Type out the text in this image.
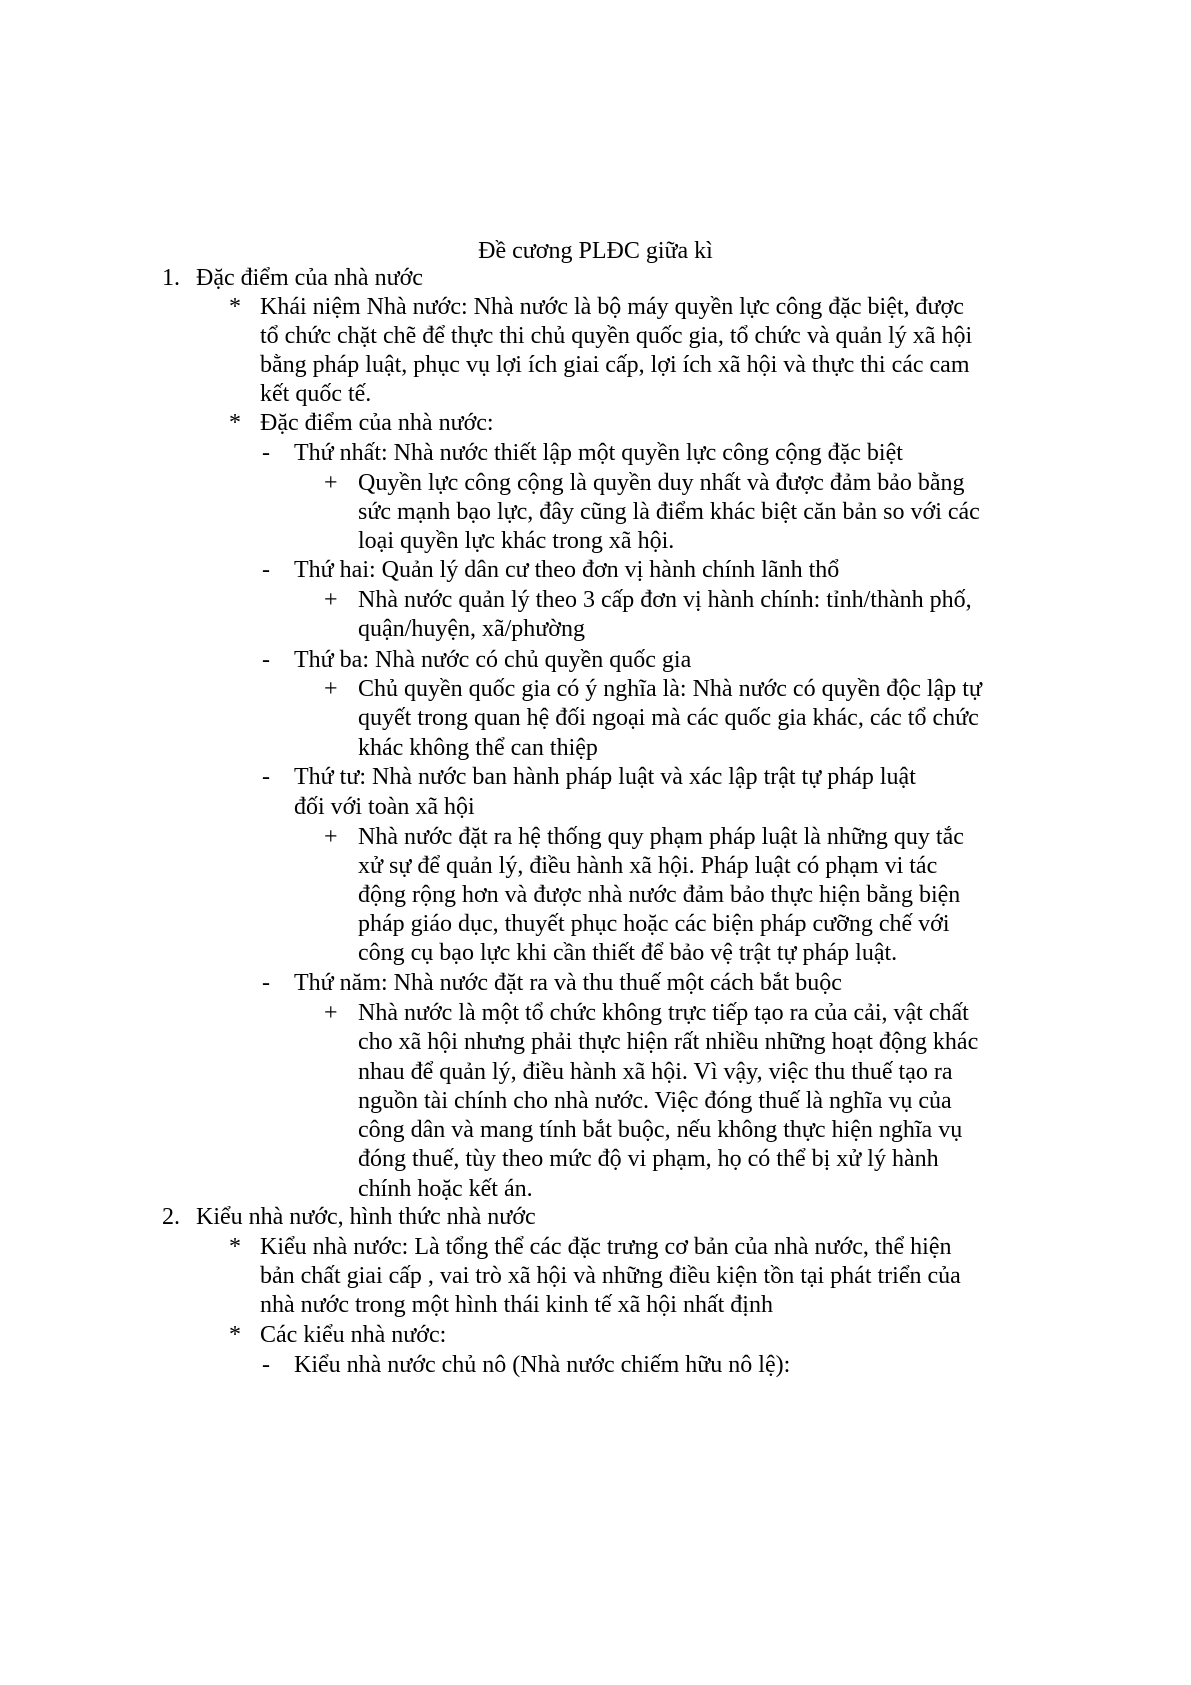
Đề cương PLĐC giữa kì
1. Đặc điểm của nhà nước
* Khái niệm Nhà nước: Nhà nước là bộ máy quyền lực công đặc biệt, được
tổ chức chặt chẽ để thực thi chủ quyền quốc gia, tổ chức và quản lý xã hội
bằng pháp luật, phục vụ lợi ích giai cấp, lợi ích xã hội và thực thi các cam
kết quốc tế.
* Đặc điểm của nhà nước:
- Thứ nhất: Nhà nước thiết lập một quyền lực công cộng đặc biệt
+ Quyền lực công cộng là quyền duy nhất và được đảm bảo bằng
sức mạnh bạo lực, đây cũng là điểm khác biệt căn bản so với các
loại quyền lực khác trong xã hội.
- Thứ hai: Quản lý dân cư theo đơn vị hành chính lãnh thổ
+ Nhà nước quản lý theo 3 cấp đơn vị hành chính: tỉnh/thành phố,
quận/huyện, xã/phường
- Thứ ba: Nhà nước có chủ quyền quốc gia
+ Chủ quyền quốc gia có ý nghĩa là: Nhà nước có quyền độc lập tự
quyết trong quan hệ đối ngoại mà các quốc gia khác, các tổ chức
khác không thể can thiệp
- Thứ tư: Nhà nước ban hành pháp luật và xác lập trật tự pháp luật
đối với toàn xã hội
+ Nhà nước đặt ra hệ thống quy phạm pháp luật là những quy tắc
xử sự để quản lý, điều hành xã hội. Pháp luật có phạm vi tác
động rộng hơn và được nhà nước đảm bảo thực hiện bằng biện
pháp giáo dục, thuyết phục hoặc các biện pháp cưỡng chế với
công cụ bạo lực khi cần thiết để bảo vệ trật tự pháp luật.
- Thứ năm: Nhà nước đặt ra và thu thuế một cách bắt buộc
+ Nhà nước là một tổ chức không trực tiếp tạo ra của cải, vật chất
cho xã hội nhưng phải thực hiện rất nhiều những hoạt động khác
nhau để quản lý, điều hành xã hội. Vì vậy, việc thu thuế tạo ra
nguồn tài chính cho nhà nước. Việc đóng thuế là nghĩa vụ của
công dân và mang tính bắt buộc, nếu không thực hiện nghĩa vụ
đóng thuế, tùy theo mức độ vi phạm, họ có thể bị xử lý hành
chính hoặc kết án.
2. Kiểu nhà nước, hình thức nhà nước
* Kiểu nhà nước: Là tổng thể các đặc trưng cơ bản của nhà nước, thể hiện
bản chất giai cấp , vai trò xã hội và những điều kiện tồn tại phát triển của
nhà nước trong một hình thái kinh tế xã hội nhất định
* Các kiểu nhà nước:
- Kiểu nhà nước chủ nô (Nhà nước chiếm hữu nô lệ):
